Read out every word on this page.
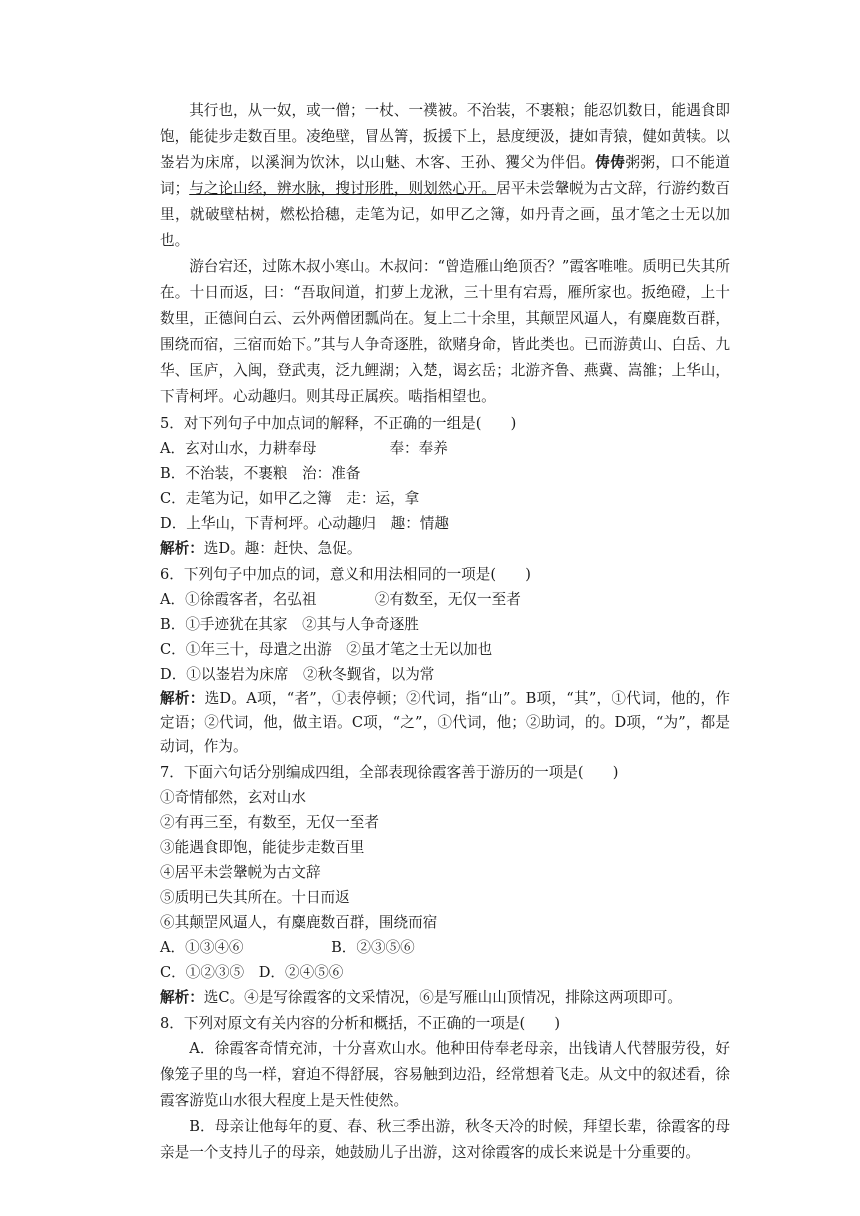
其行也，从一奴，或一僧；一杖、一襆被。不治装，不裹粮；能忍饥数日，能遇食即饱，能徒步走数百里。凌绝壁，冒丛箐，扳援下上，悬度绠汲，捷如青猿，健如黄犊。以崟岩为床席，以溪涧为饮沐，以山魅、木客、王孙、玃父为伴侣。俦俦粥粥，口不能道词；与之论山经，辨水脉，搜讨形胜，则划然心开。居平未尝鞶帨为古文辞，行游约数百里，就破壁枯树，燃松拾穗，走笔为记，如甲乙之簿，如丹青之画，虽才笔之士无以加也。

游台宕还，过陈木叔小寒山。木叔问：“曾造雁山绝顶否？”霞客唯唯。质明已失其所在。十日而返，曰：“吾取间道，扪萝上龙湫，三十里有宕焉，雁所家也。扳绝磴，上十数里，正德间白云、云外两僧团瓢尚在。复上二十余里，其颠罡风逼人，有麋鹿数百群，围绕而宿，三宿而始下。”其与人争奇逐胜，欲赌身命，皆此类也。已而游黄山、白岳、九华、匡庐，入闽，登武夷，泛九鲤湖；入楚，谒玄岳；北游齐鲁、燕冀、嵩雒；上华山，下青柯坪。心动趣归。则其母正属疾。啮指相望也。

5．对下列句子中加点词的解释，不正确的一组是(　　)

A．玄对山水，力耕奉母　　　　　奉：奉养

B．不治装，不裹粮　治：准备

C．走笔为记，如甲乙之簿　走：运，拿

D．上华山，下青柯坪。心动趣归　趣：情趣

解析：选D。趣：赶快、急促。

6．下列句子中加点的词，意义和用法相同的一项是(　　)

A．①徐霞客者，名弘祖　　　　②有数至，无仅一至者

B．①手迹犹在其家　②其与人争奇逐胜

C．①年三十，母遣之出游　②虽才笔之士无以加也

D．①以崟岩为床席　②秋冬觐省，以为常

解析：选D。A项，“者”，①表停顿；②代词，指“山”。B项，“其”，①代词，他的，作定语；②代词，他，做主语。C项，“之”，①代词，他；②助词，的。D项，“为”，都是动词，作为。

7．下面六句话分别编成四组，全部表现徐霞客善于游历的一项是(　　)

①奇情郁然，玄对山水

②有再三至，有数至，无仅一至者

③能遇食即饱，能徒步走数百里

④居平未尝鞶帨为古文辞

⑤质明已失其所在。十日而返

⑥其颠罡风逼人，有麋鹿数百群，围绕而宿

A．①③④⑥　　　　　　B．②③⑤⑥

C．①②③⑤　D．②④⑤⑥

解析：选C。④是写徐霞客的文采情况，⑥是写雁山山顶情况，排除这两项即可。

8．下列对原文有关内容的分析和概括，不正确的一项是(　　)

A．徐霞客奇情充沛，十分喜欢山水。他种田侍奉老母亲，出钱请人代替服劳役，好像笼子里的鸟一样，窘迫不得舒展，容易触到边沿，经常想着飞走。从文中的叙述看，徐霞客游览山水很大程度上是天性使然。

B．母亲让他每年的夏、春、秋三季出游，秋冬天冷的时候，拜望长辈，徐霞客的母亲是一个支持儿子的母亲，她鼓励儿子出游，这对徐霞客的成长来说是十分重要的。
